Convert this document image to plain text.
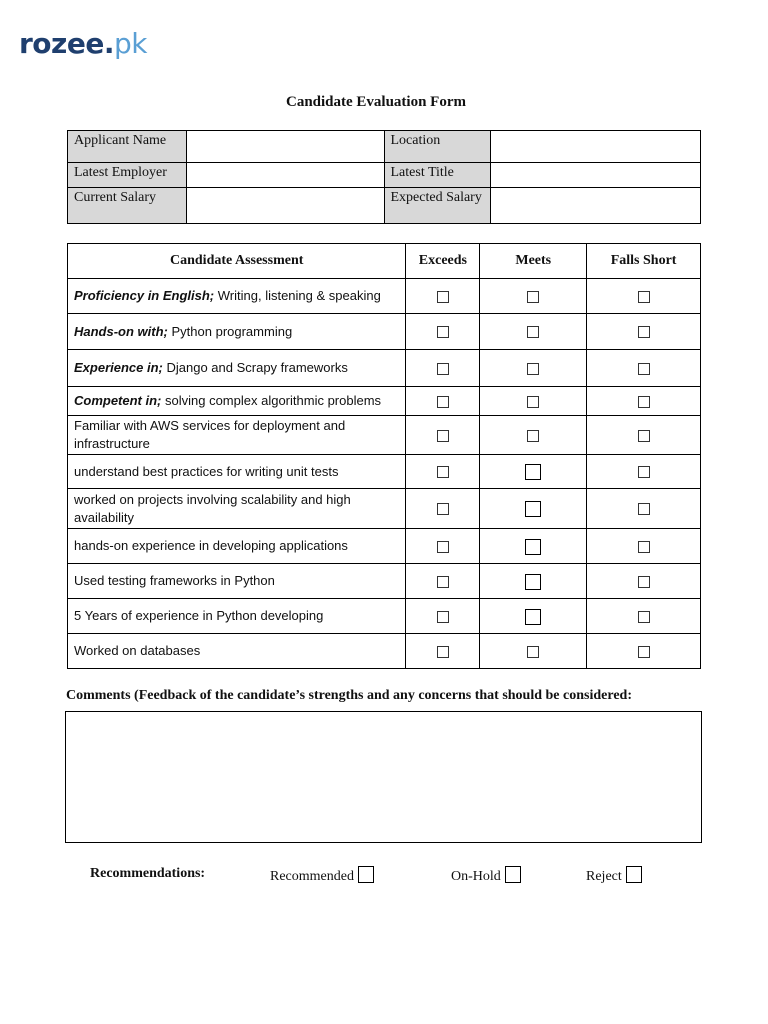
rozee.pk
Candidate Evaluation Form
Applicant Name		Location	
Latest Employer		Latest Title	
Current Salary		Expected Salary	
Candidate Assessment	Exceeds	Meets	Falls Short
Proficiency in English; Writing, listening & speaking			
Hands-on with; Python programming			
Experience in; Django and Scrapy frameworks			
Competent in; solving complex algorithmic problems			
Familiar with AWS services for deployment and infrastructure			
understand best practices for writing unit tests			
worked on projects involving scalability and high availability			
hands-on experience in developing applications			
Used testing frameworks in Python			
5 Years of experience in Python developing			
Worked on databases			
Comments (Feedback of the candidate’s strengths and any concerns that should be considered:
Recommendations:	Recommended	On-Hold	Reject
